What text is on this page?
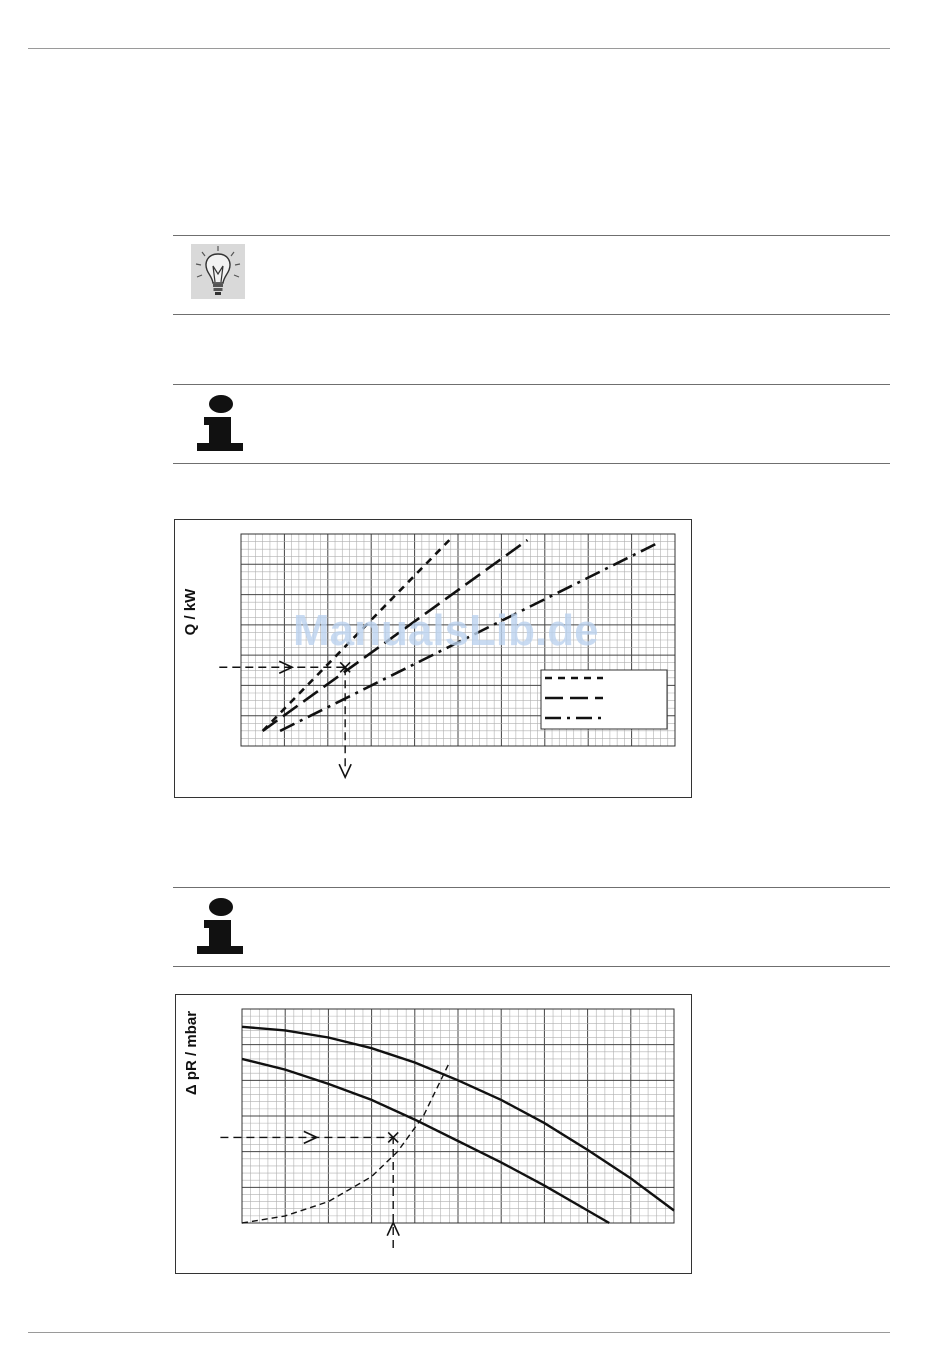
Q / kW ManualsLib.de
Δ pR / mbar
